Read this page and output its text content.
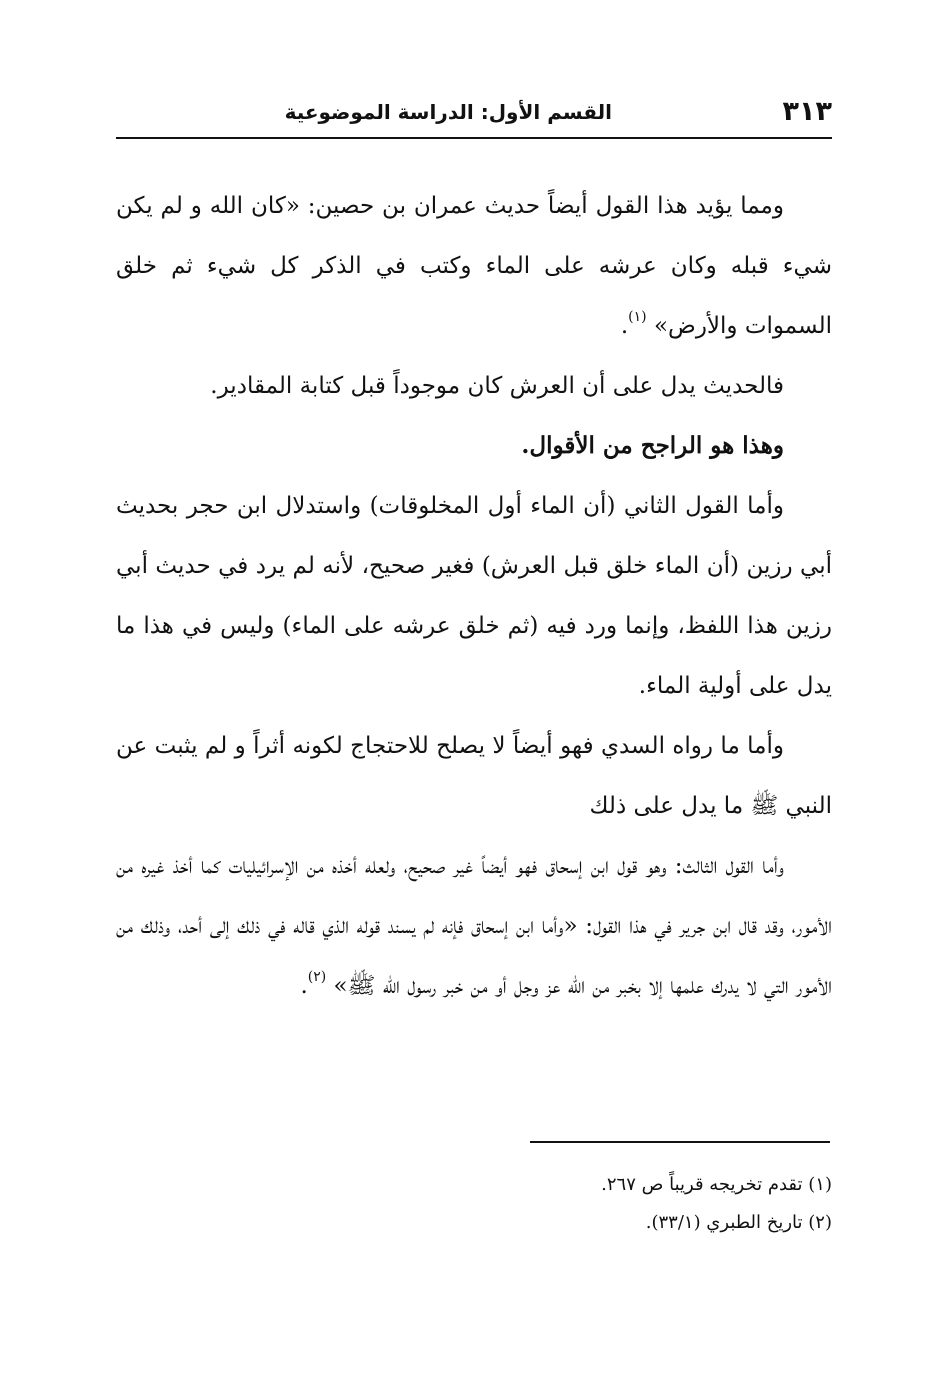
٣١٣
القسم الأول: الدراسة الموضوعية

ومما يؤيد هذا القول أيضاً حديث عمران بن حصين: «كان الله و لم يكن شيء قبله وكان عرشه على الماء وكتب في الذكر كل شيء ثم خلق السموات والأرض» $^{(١)}$.

فالحديث يدل على أن العرش كان موجوداً قبل كتابة المقادير.

وهذا هو الراجح من الأقوال.

وأما القول الثاني (أن الماء أول المخلوقات) واستدلال ابن حجر بحديث أبي رزين (أن الماء خلق قبل العرش) فغير صحيح، لأنه لم يرد في حديث أبي رزين هذا اللفظ، وإنما ورد فيه (ثم خلق عرشه على الماء) وليس في هذا ما يدل على أولية الماء.

وأما ما رواه السدي فهو أيضاً لا يصلح للاحتجاج لكونه أثراً و لم يثبت عن النبي ﷺ ما يدل على ذلك

وأما القول الثالث: وهو قول ابن إسحاق فهو أيضاً غير صحيح، ولعله أخذه من الإسرائيليات كما أخذ غيره من الأمور، وقد قال ابن جرير في هذا القول: «وأما ابن إسحاق فإنه لم يسند قوله الذي قاله في ذلك إلى أحد، وذلك من الأمور التي لا يدرك علمها إلا بخبر من الله عز وجل أو من خبر رسول الله ﷺ» $^{(٢)}$.

(١) تقدم تخريجه قريباً ص ٢٦٧.

(٢) تاريخ الطبري (٣٣/١).
